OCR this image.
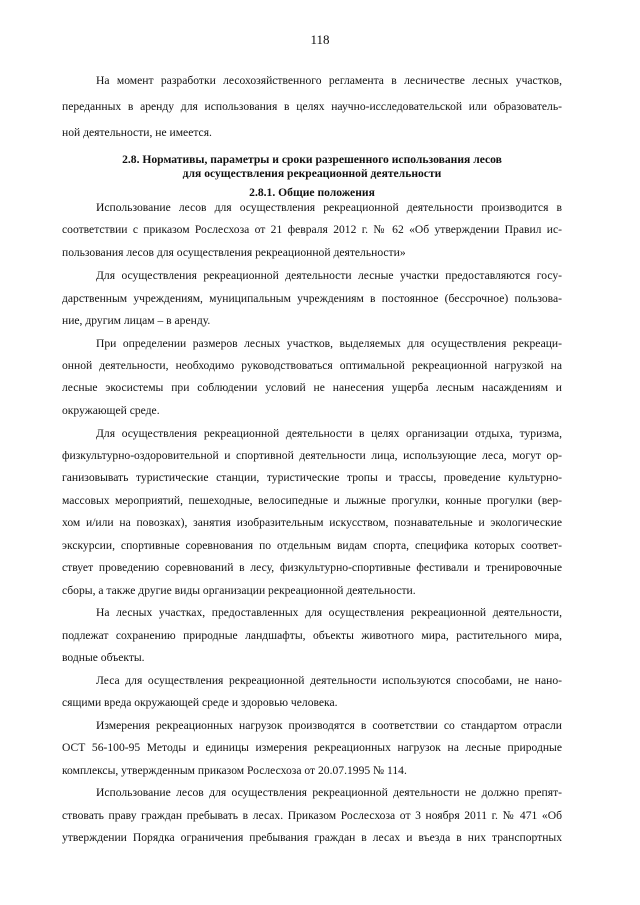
118
На момент разработки лесохозяйственного регламента в лесничестве лесных участков,
переданных в аренду для использования в целях научно-исследовательской или образователь-
ной деятельности, не имеется.
2.8. Нормативы, параметры и сроки разрешенного использования лесов
для осуществления рекреационной деятельности
2.8.1. Общие положения
Использование лесов для осуществления рекреационной деятельности производится в
соответствии с приказом Рослесхоза от 21 февраля 2012 г. № 62 «Об утверждении Правил ис-
пользования лесов для осуществления рекреационной деятельности»
Для осуществления рекреационной деятельности лесные участки предоставляются госу-
дарственным учреждениям, муниципальным учреждениям в постоянное (бессрочное) пользова-
ние, другим лицам – в аренду.
При определении размеров лесных участков, выделяемых для осуществления рекреаци-
онной деятельности, необходимо руководствоваться оптимальной рекреационной нагрузкой на
лесные экосистемы при соблюдении условий не нанесения ущерба лесным насаждениям и
окружающей среде.
Для осуществления рекреационной деятельности в целях организации отдыха, туризма,
физкультурно-оздоровительной и спортивной деятельности лица, использующие леса, могут ор-
ганизовывать туристические станции, туристические тропы и трассы, проведение культурно-
массовых мероприятий, пешеходные, велосипедные и лыжные прогулки, конные прогулки (вер-
хом и/или на повозках), занятия изобразительным искусством, познавательные и экологические
экскурсии, спортивные соревнования по отдельным видам спорта, специфика которых соответ-
ствует проведению соревнований в лесу, физкультурно-спортивные фестивали и тренировочные
сборы, а также другие виды организации рекреационной деятельности.
На лесных участках, предоставленных для осуществления рекреационной деятельности,
подлежат сохранению природные ландшафты, объекты животного мира, растительного мира,
водные объекты.
Леса для осуществления рекреационной деятельности используются способами, не нано-
сящими вреда окружающей среде и здоровью человека.
Измерения рекреационных нагрузок производятся в соответствии со стандартом отрасли
ОСТ 56-100-95 Методы и единицы измерения рекреационных нагрузок на лесные природные
комплексы, утвержденным приказом Рослесхоза от 20.07.1995 № 114.
Использование лесов для осуществления рекреационной деятельности не должно препят-
ствовать праву граждан пребывать в лесах. Приказом Рослесхоза от 3 ноября 2011 г. № 471 «Об
утверждении Порядка ограничения пребывания граждан в лесах и въезда в них транспортных
